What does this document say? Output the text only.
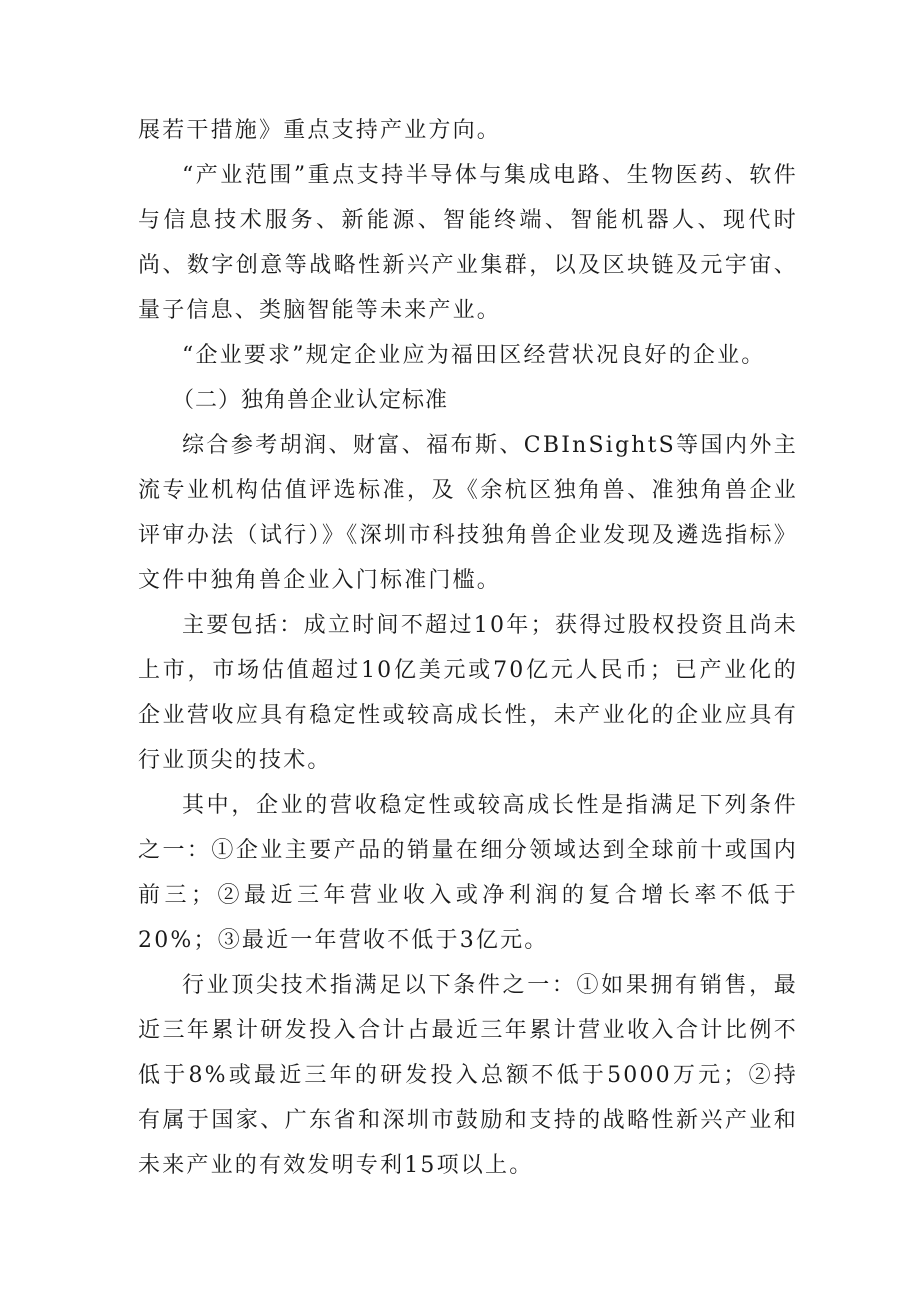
展若干措施》重点支持产业方向。

“产业范围”重点支持半导体与集成电路、生物医药、软件与信息技术服务、新能源、智能终端、智能机器人、现代时尚、数字创意等战略性新兴产业集群，以及区块链及元宇宙、量子信息、类脑智能等未来产业。

“企业要求”规定企业应为福田区经营状况良好的企业。

（二）独角兽企业认定标准

综合参考胡润、财富、福布斯、CBInSightS等国内外主流专业机构估值评选标准，及《余杭区独角兽、准独角兽企业评审办法（试行）》《深圳市科技独角兽企业发现及遴选指标》文件中独角兽企业入门标准门槛。

主要包括：成立时间不超过10年；获得过股权投资且尚未上市，市场估值超过10亿美元或70亿元人民币；已产业化的企业营收应具有稳定性或较高成长性，未产业化的企业应具有行业顶尖的技术。

其中，企业的营收稳定性或较高成长性是指满足下列条件之一：①企业主要产品的销量在细分领域达到全球前十或国内前三；②最近三年营业收入或净利润的复合增长率不低于20%；③最近一年营收不低于3亿元。

行业顶尖技术指满足以下条件之一：①如果拥有销售，最近三年累计研发投入合计占最近三年累计营业收入合计比例不低于8%或最近三年的研发投入总额不低于5000万元；②持有属于国家、广东省和深圳市鼓励和支持的战略性新兴产业和未来产业的有效发明专利15项以上。
